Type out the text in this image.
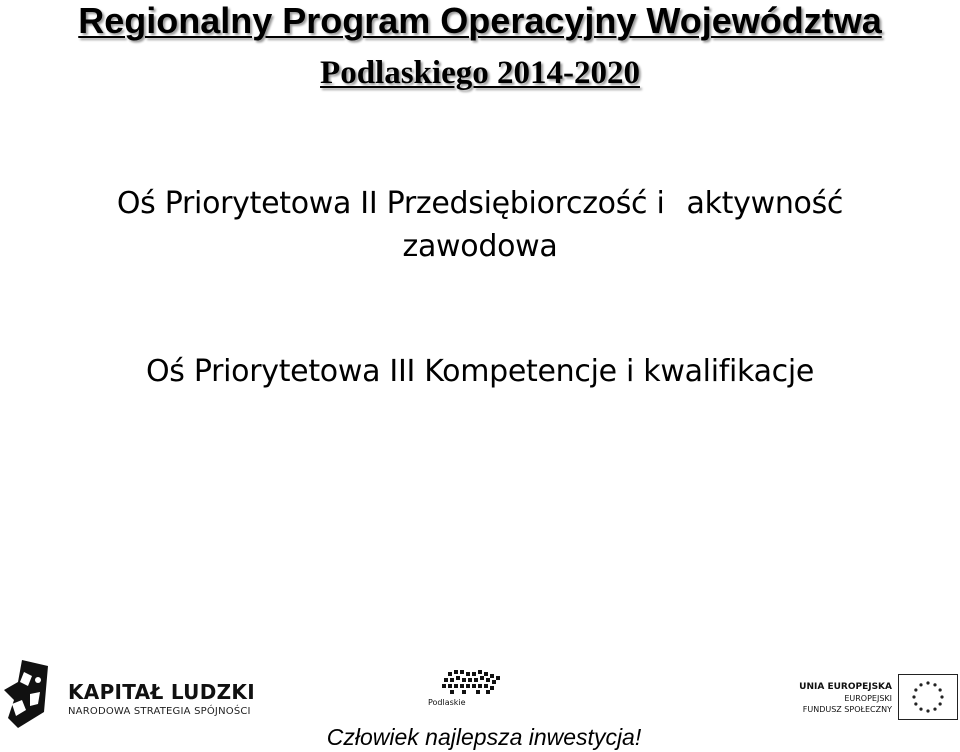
Regionalny Program Operacyjny Województwa
Podlaskiego 2014-2020
Oś Priorytetowa II Przedsiębiorczość i aktywność
zawodowa
Oś Priorytetowa III Kompetencje i kwalifikacje
KAPITAŁ LUDZKI
NARODOWA STRATEGIA SPÓJNOŚCI
Podlaskie
UNIA EUROPEJSKA
EUROPEJSKI
FUNDUSZ SPOŁECZNY
Człowiek najlepsza inwestycja!
